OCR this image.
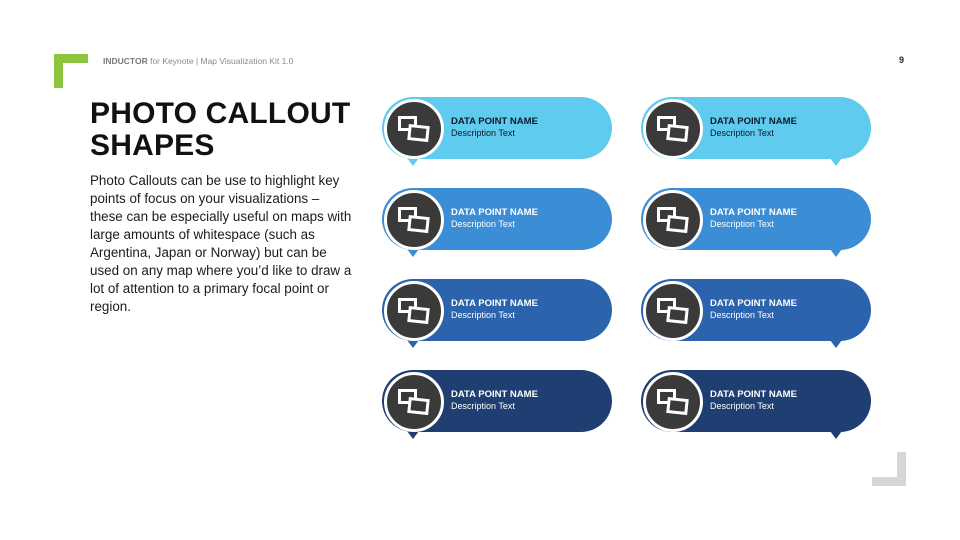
INDUCTOR for Keynote | Map Visualization Kit 1.0	9
PHOTO CALLOUT SHAPES

Photo Callouts can be use to highlight key points of focus on your visualizations – these can be especially useful on maps with large amounts of whitespace (such as Argentina, Japan or Norway) but can be used on any map where you’d like to draw a lot of attention to a primary focal point or region.

DATA POINT NAME
Description Text
DATA POINT NAME
Description Text
DATA POINT NAME
Description Text
DATA POINT NAME
Description Text
DATA POINT NAME
Description Text
DATA POINT NAME
Description Text
DATA POINT NAME
Description Text
DATA POINT NAME
Description Text
